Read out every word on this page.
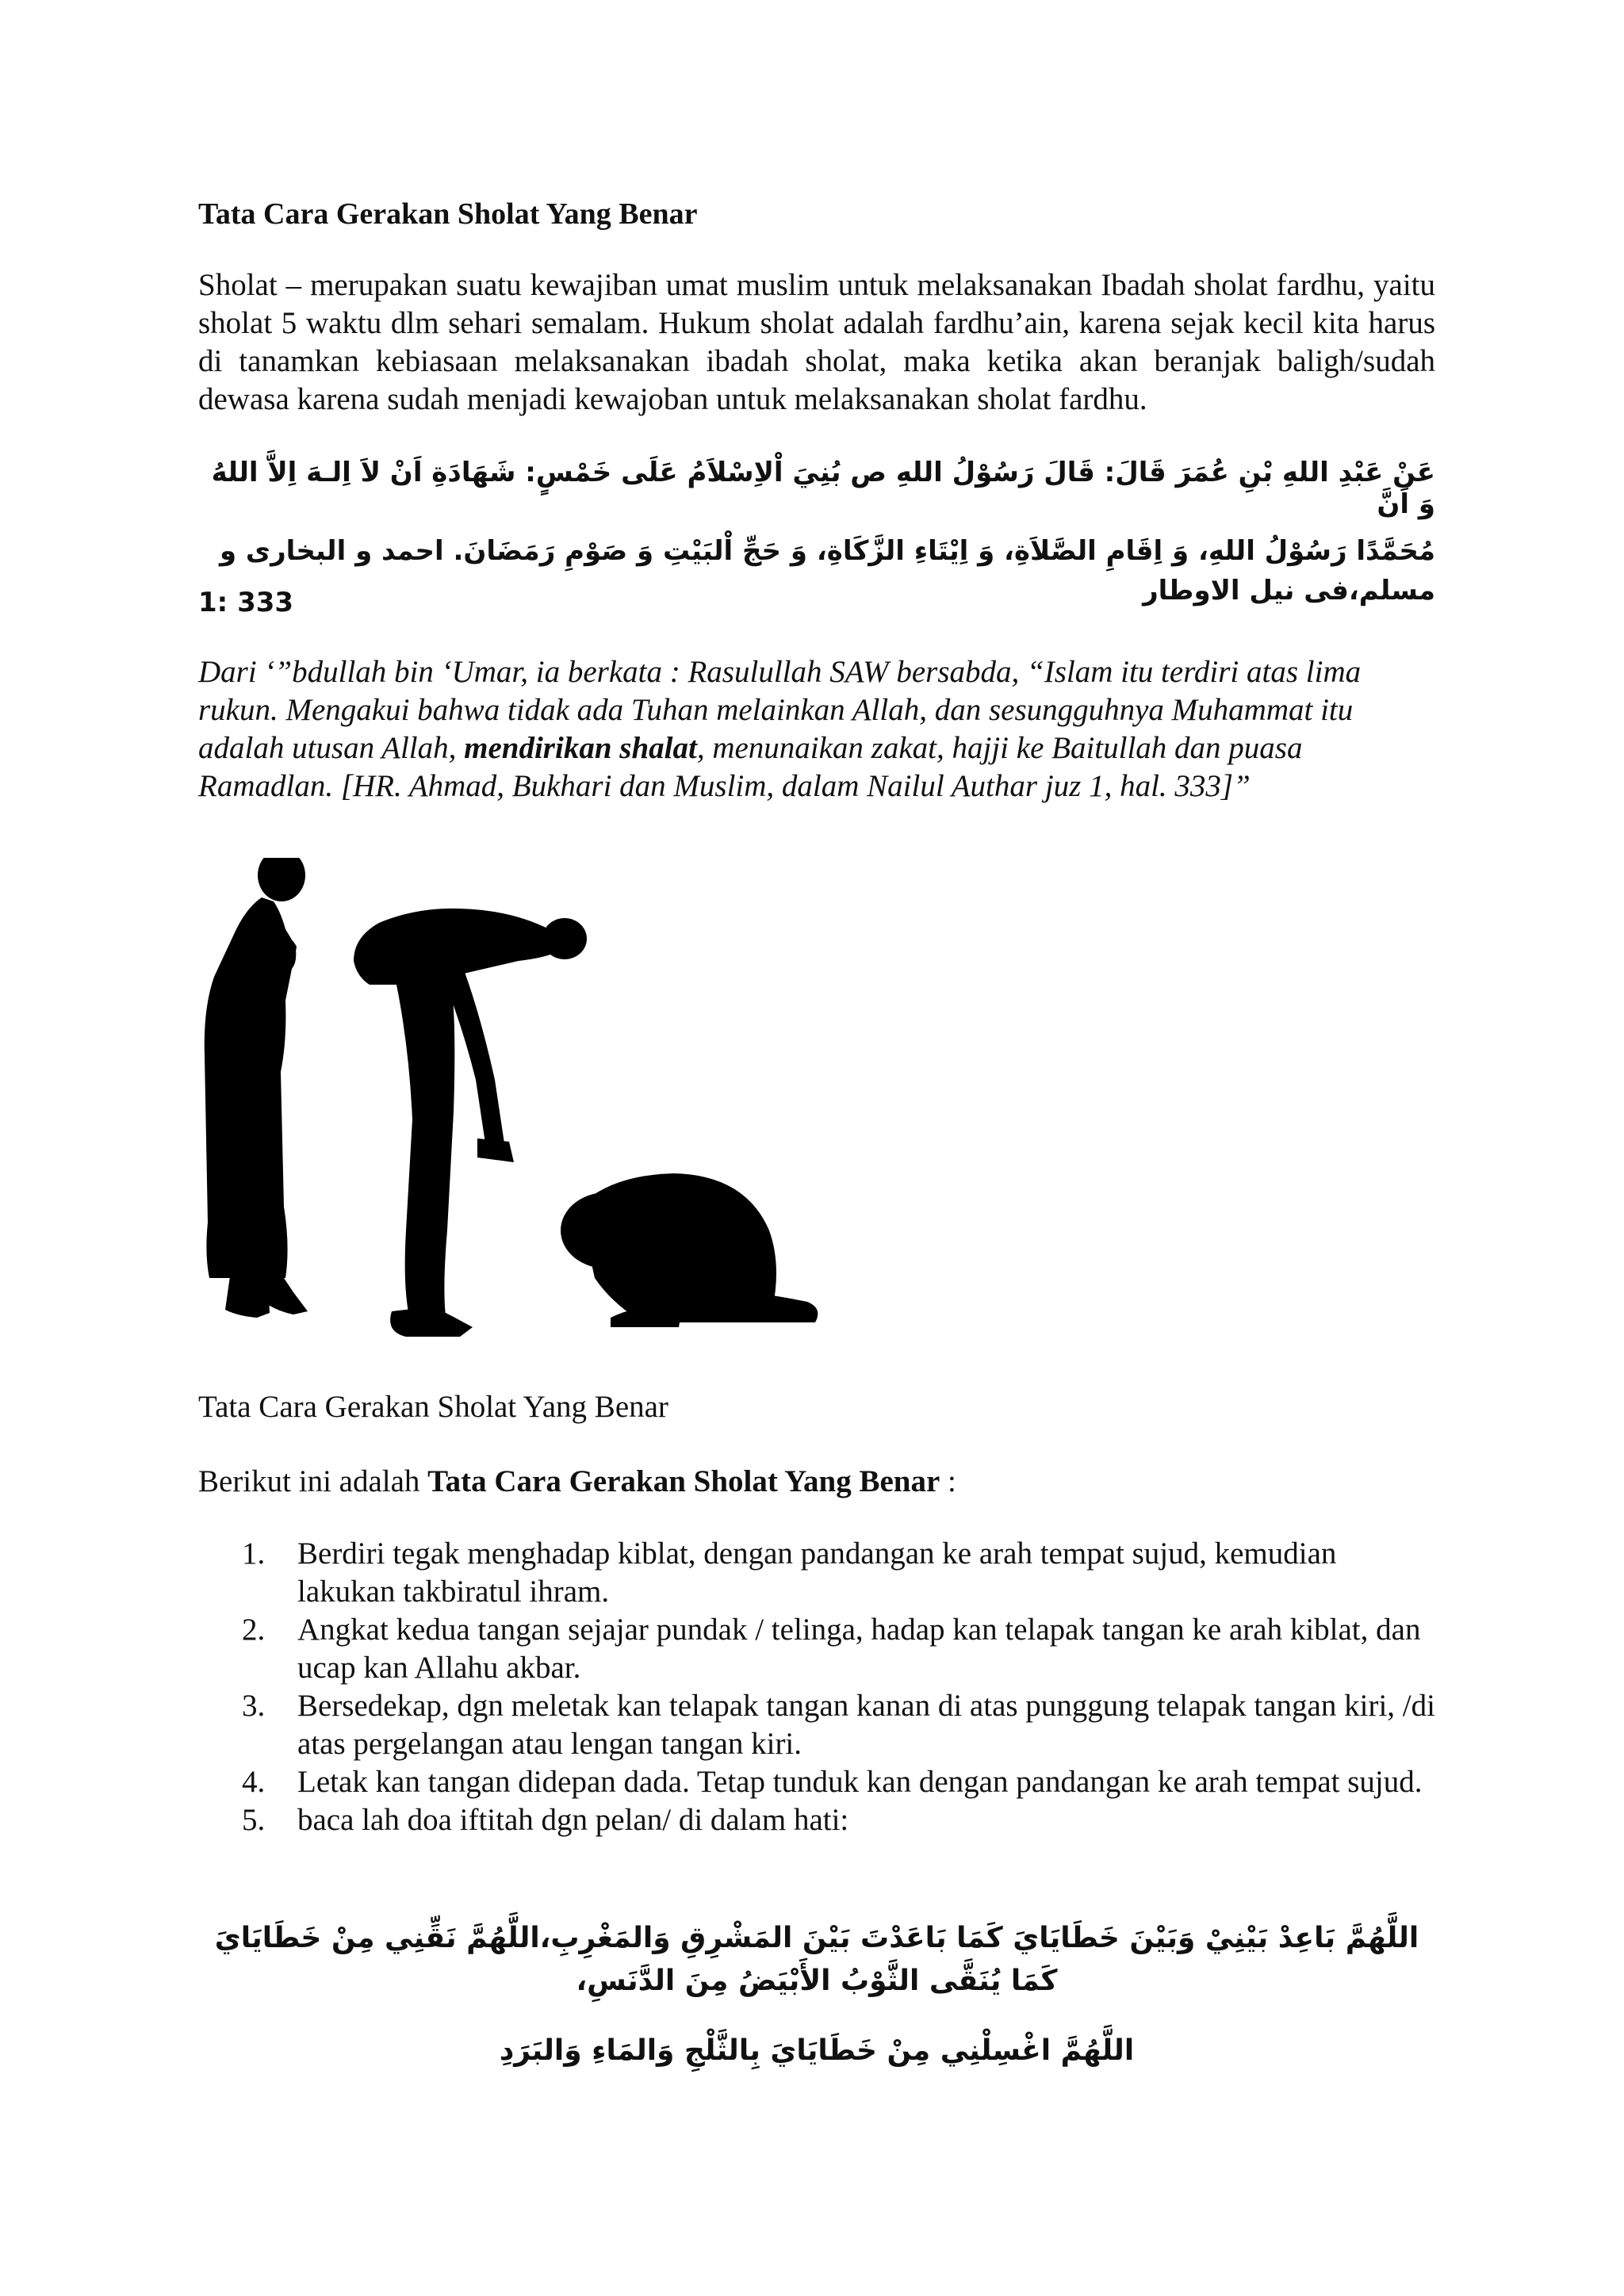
Tata Cara Gerakan Sholat Yang Benar
Sholat – merupakan suatu kewajiban umat muslim untuk melaksanakan Ibadah sholat fardhu, yaitu sholat 5 waktu dlm sehari semalam. Hukum sholat adalah fardhu’ain, karena sejak kecil kita harus di tanamkan kebiasaan melaksanakan ibadah sholat, maka ketika akan beranjak baligh/sudah dewasa karena sudah menjadi kewajoban untuk melaksanakan sholat fardhu.
عَنْ عَبْدِ اللهِ بْنِ عُمَرَ قَالَ: قَالَ رَسُوْلُ اللهِ ص بُنِيَ اْلاِسْلاَمُ عَلَى خَمْسٍ: شَهَادَةِ اَنْ لاَ اِلـهَ اِلاَّ اللهُ وَ اَنَّ
مُحَمَّدًا رَسُوْلُ اللهِ، وَ اِقَامِ الصَّلاَةِ، وَ اِيْتَاءِ الزَّكَاةِ، وَ حَجِّ اْلبَيْتِ وَ صَوْمِ رَمَضَانَ. احمد و البخارى و مسلم،فى نيل الاوطار
1: 333
Dari ‘”bdullah bin ‘Umar, ia berkata : Rasulullah SAW bersabda, “Islam itu terdiri atas lima rukun. Mengakui bahwa tidak ada Tuhan melainkan Allah, dan sesungguhnya Muhammat itu adalah utusan Allah, mendirikan shalat, menunaikan zakat, hajji ke Baitullah dan puasa Ramadlan. [HR. Ahmad, Bukhari dan Muslim, dalam Nailul Authar juz 1, hal. 333]”
Tata Cara Gerakan Sholat Yang Benar
Berikut ini adalah Tata Cara Gerakan Sholat Yang Benar :
1. Berdiri tegak menghadap kiblat, dengan pandangan ke arah tempat sujud, kemudian lakukan takbiratul ihram.
2. Angkat kedua tangan sejajar pundak / telinga, hadap kan telapak tangan ke arah kiblat, dan ucap kan Allahu akbar.
3. Bersedekap, dgn meletak kan telapak tangan kanan di atas punggung telapak tangan kiri, /di atas pergelangan atau lengan tangan kiri.
4. Letak kan tangan didepan dada. Tetap tunduk kan dengan pandangan ke arah tempat sujud.
5. baca lah doa iftitah dgn pelan/ di dalam hati:
اللَّهُمَّ بَاعِدْ بَيْنِيْ وَبَيْنَ خَطَايَايَ كَمَا بَاعَدْتَ بَيْنَ المَشْرِقِ وَالمَغْرِبِ،اللَّهُمَّ نَقِّنِي مِنْ خَطَايَايَ كَمَا يُنَقَّى الثَّوْبُ الأَبْيَضُ مِنَ الدَّنَسِ،
اللَّهُمَّ اغْسِلْنِي مِنْ خَطَايَايَ بِالثَّلْجِ وَالمَاءِ وَالبَرَدِ
